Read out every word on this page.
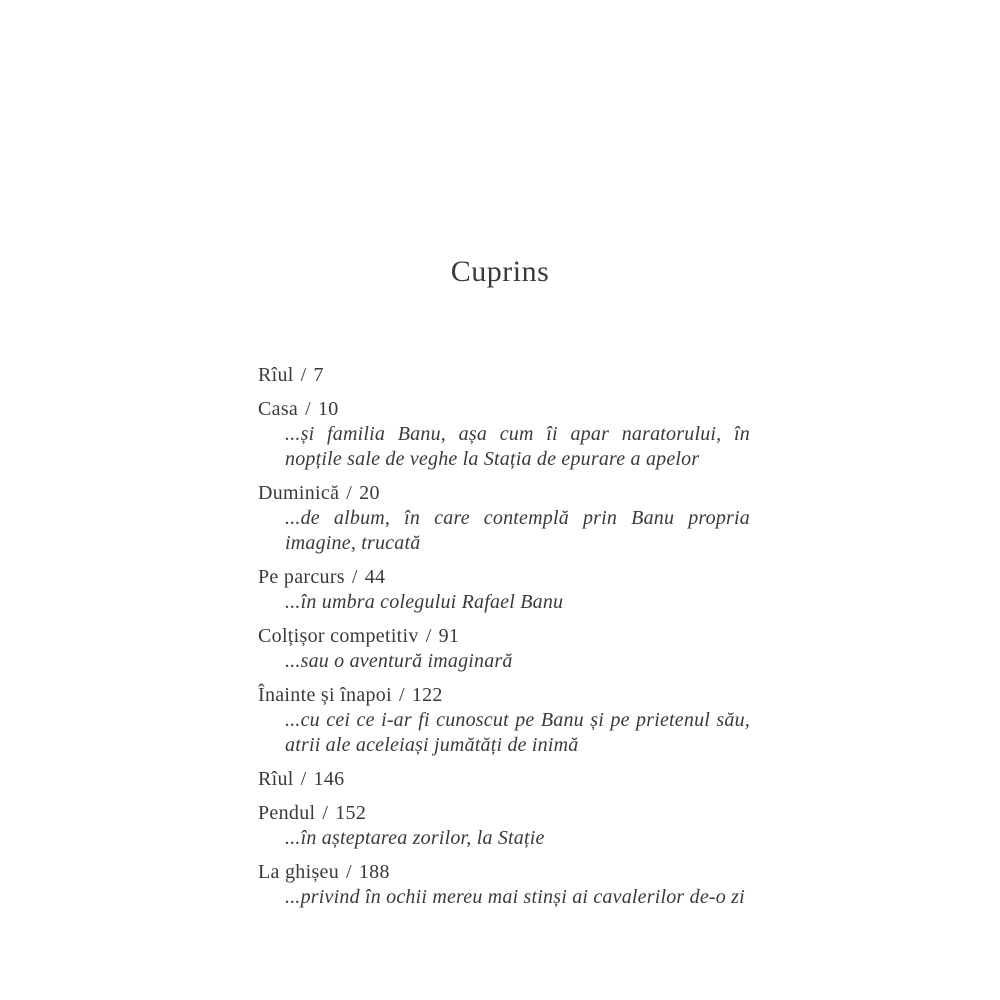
Cuprins
Rîul / 7
Casa / 10
...și familia Banu, așa cum îi apar naratorului, în nopțile sale de veghe la Stația de epurare a apelor
Duminică / 20
...de album, în care contemplă prin Banu propria imagine, trucată
Pe parcurs / 44
...în umbra colegului Rafael Banu
Colțișor competitiv / 91
...sau o aventură imaginară
Înainte și înapoi / 122
...cu cei ce i-ar fi cunoscut pe Banu și pe prietenul său, atrii ale aceleiași jumătăți de inimă
Rîul / 146
Pendul / 152
...în așteptarea zorilor, la Stație
La ghișeu / 188
...privind în ochii mereu mai stinși ai cavalerilor de-o zi
